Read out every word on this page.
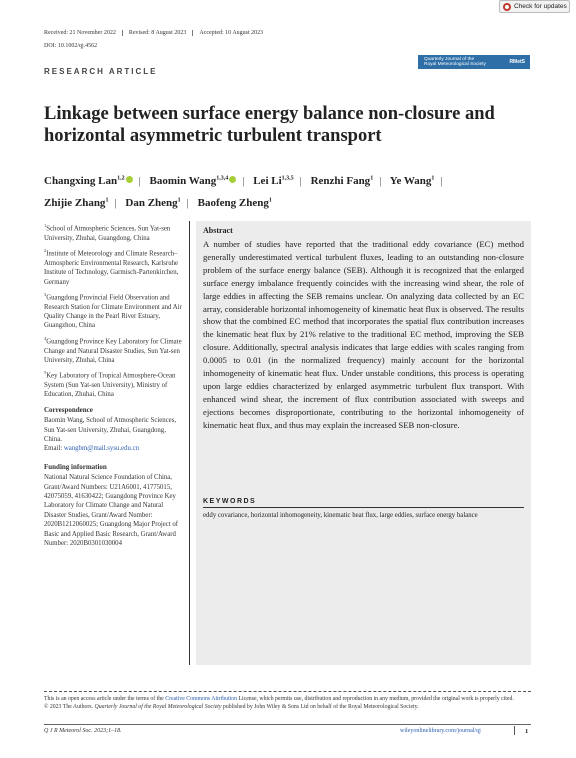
Check for updates
Received: 21 November 2022	Revised: 8 August 2023	Accepted: 10 August 2023
DOI: 10.1002/qj.4562
RESEARCH ARTICLE
Quarterly Journal of the
Royal Meteorological Society	RMetS
Linkage between surface energy balance non-closure and horizontal asymmetric turbulent transport
Changxing Lan$^{1,2}$ | Baomin Wang$^{1,3,4}$ | Lei Li$^{1,3,5}$ | Renzhi Fang$^1$ | Ye Wang$^1$ | Zhijie Zhang$^1$ | Dan Zheng$^1$ | Baofeng Zheng$^1$
$^1$School of Atmospheric Sciences, Sun Yat-sen University, Zhuhai, Guangdong, China
$^2$Institute of Meteorology and Climate Research–Atmospheric Environmental Research, Karlsruhe Institute of Technology, Garmisch-Partenkirchen, Germany
$^3$Guangdong Provincial Field Observation and Research Station for Climate Environment and Air Quality Change in the Pearl River Estuary, Guangzhou, China
$^4$Guangdong Province Key Laboratory for Climate Change and Natural Disaster Studies, Sun Yat-sen University, Zhuhai, China
$^5$Key Laboratory of Tropical Atmosphere-Ocean System (Sun Yat-sen University), Ministry of Education, Zhuhai, China
Correspondence
Baomin Wang, School of Atmospheric Sciences, Sun Yat-sen University, Zhuhai, Guangdong, China.
Email: wangbm@mail.sysu.edu.cn
Funding information
National Natural Science Foundation of China, Grant/Award Numbers: U21A6001, 41775015, 42075059, 41630422; Guangdong Province Key Laboratory for Climate Change and Natural Disaster Studies, Grant/Award Number: 2020B1212060025; Guangdong Major Project of Basic and Applied Basic Research, Grant/Award Number: 2020B0301030004
Abstract
A number of studies have reported that the traditional eddy covariance (EC) method generally underestimated vertical turbulent fluxes, leading to an outstanding non-closure problem of the surface energy balance (SEB). Although it is recognized that the enlarged surface energy imbalance frequently coincides with the increasing wind shear, the role of large eddies in affecting the SEB remains unclear. On analyzing data collected by an EC array, considerable horizontal inhomogeneity of kinematic heat flux is observed. The results show that the combined EC method that incorporates the spatial flux contribution increases the kinematic heat flux by 21% relative to the traditional EC method, improving the SEB closure. Additionally, spectral analysis indicates that large eddies with scales ranging from 0.0005 to 0.01 (in the normalized frequency) mainly account for the horizontal inhomogeneity of kinematic heat flux. Under unstable conditions, this process is operating upon large eddies characterized by enlarged asymmetric turbulent flux transport. With enhanced wind shear, the increment of flux contribution associated with sweeps and ejections becomes disproportionate, contributing to the horizontal inhomogeneity of kinematic heat flux, and thus may explain the increased SEB non-closure.
KEYWORDS
eddy covariance, horizontal inhomogeneity, kinematic heat flux, large eddies, surface energy balance
This is an open access article under the terms of the Creative Commons Attribution License, which permits use, distribution and reproduction in any medium, provided the original work is properly cited.
© 2023 The Authors. Quarterly Journal of the Royal Meteorological Society published by John Wiley & Sons Ltd on behalf of the Royal Meteorological Society.
Q J R Meteorol Soc. 2023;1–18.	wileyonlinelibrary.com/journal/qj	1
